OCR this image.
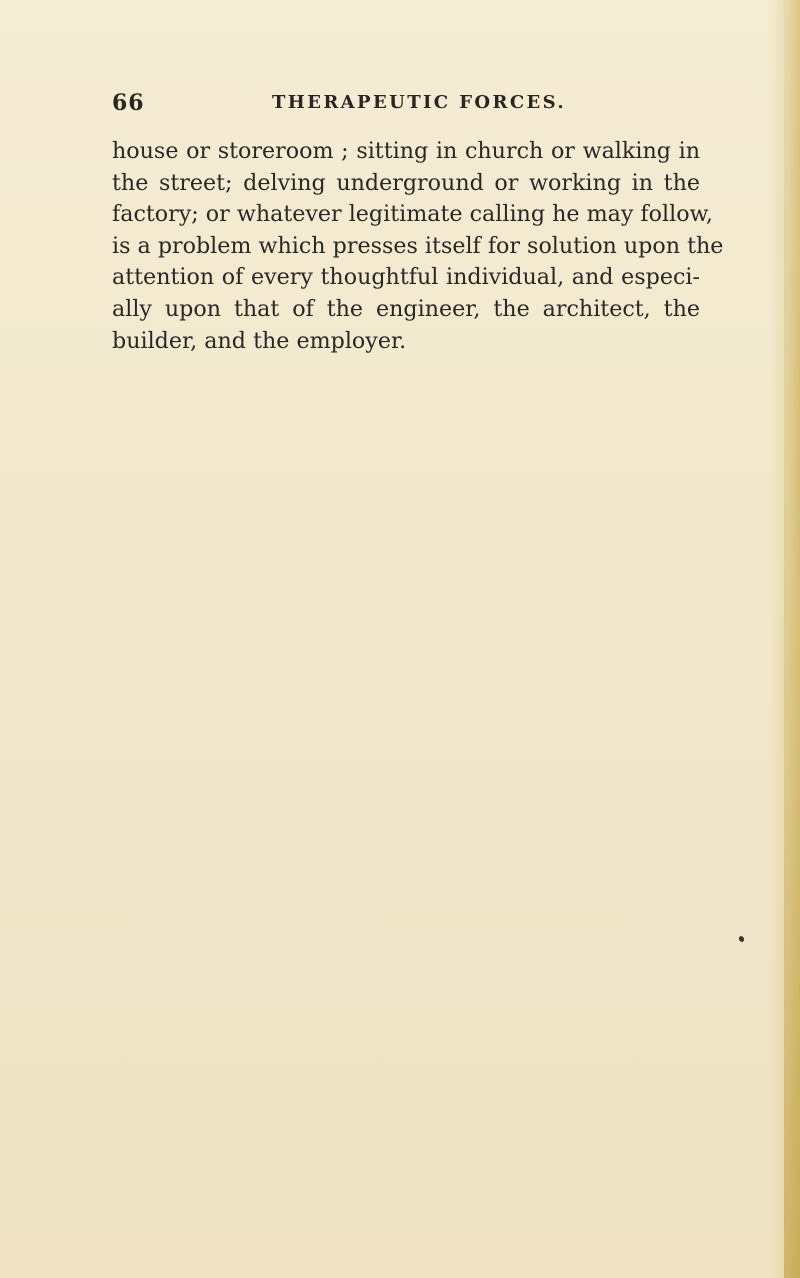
66	THERAPEUTIC FORCES.
house or storeroom ; sitting in church or walking in
the street; delving underground or working in the
factory; or whatever legitimate calling he may follow,
is a problem which presses itself for solution upon the
attention of every thoughtful individual, and especi-
ally upon that of the engineer, the architect, the
builder, and the employer.
